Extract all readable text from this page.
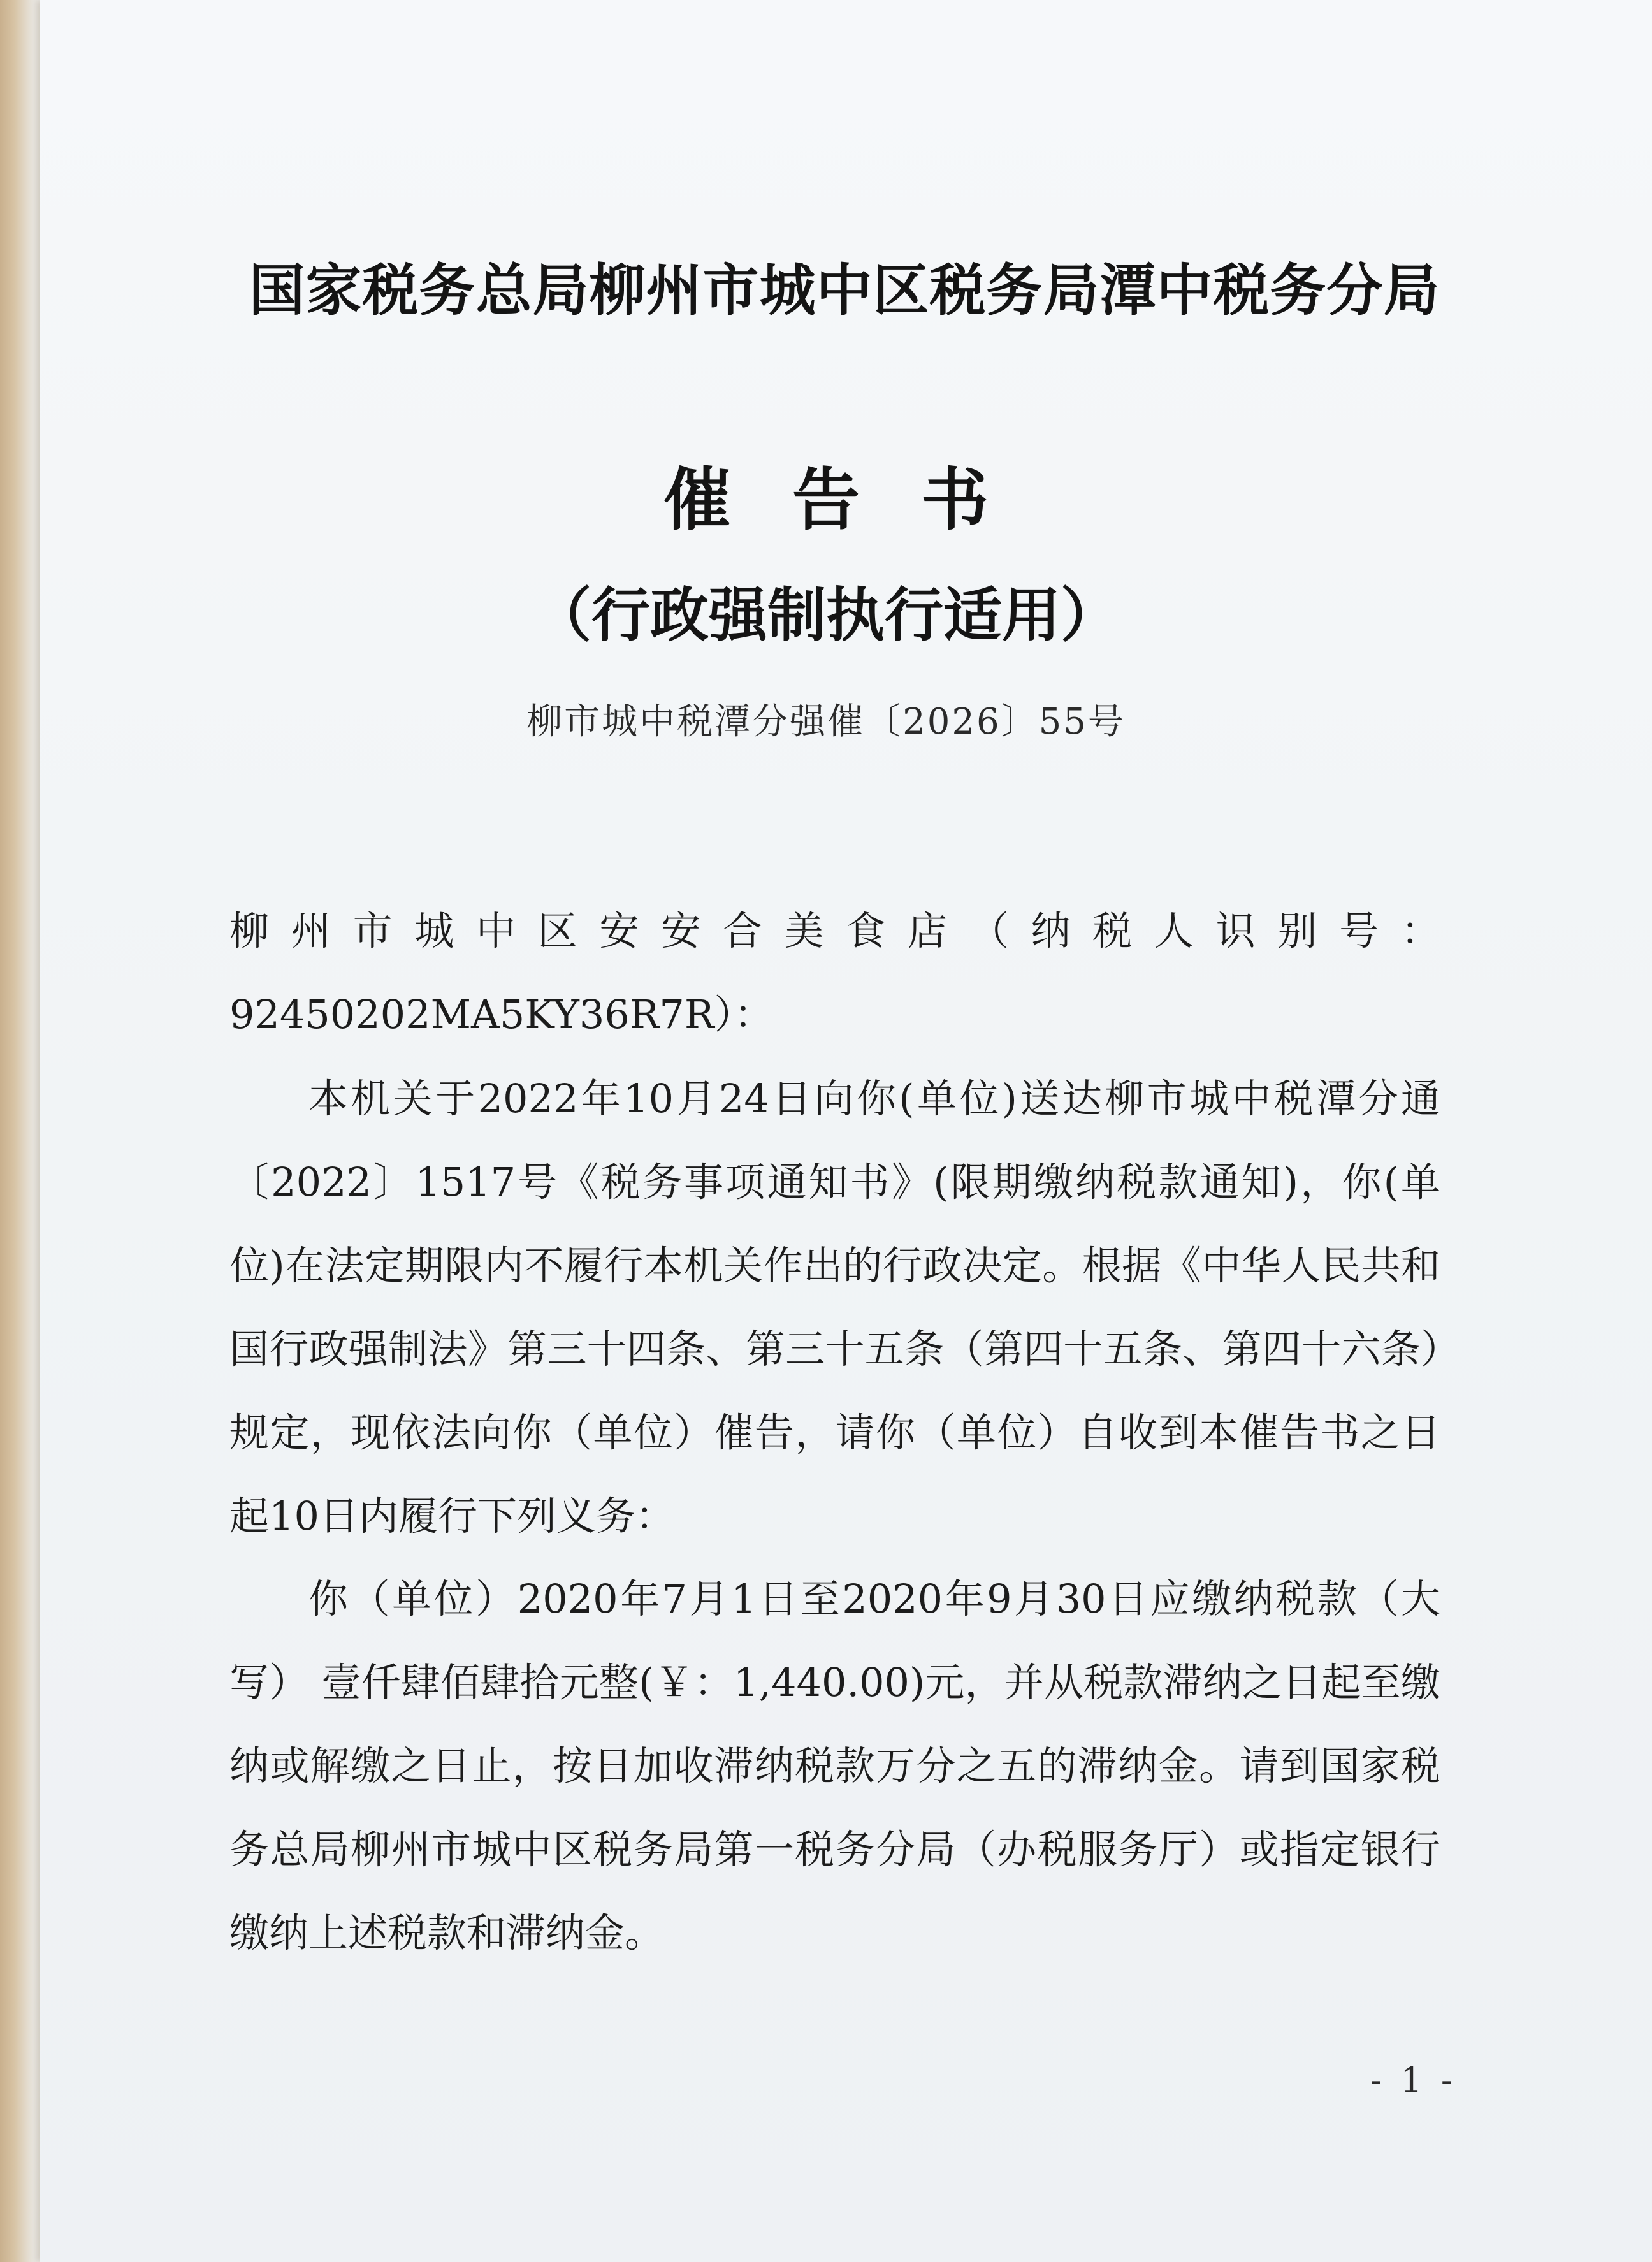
国家税务总局柳州市城中区税务局潭中税务分局
催告书
（行政强制执行适用）
柳市城中税潭分强催〔2026〕55号
柳州市城中区安安合美食店（纳税人识别号：92450202MA5KY36R7R）：
本机关于2022年10月24日向你(单位)送达柳市城中税潭分通〔2022〕1517号《税务事项通知书》(限期缴纳税款通知)，你(单位)在法定期限内不履行本机关作出的行政决定。根据《中华人民共和国行政强制法》第三十四条、第三十五条（第四十五条、第四十六条）规定，现依法向你（单位）催告，请你（单位）自收到本催告书之日起10日内履行下列义务：
你（单位）2020年7月1日至2020年9月30日应缴纳税款（大写） 壹仟肆佰肆拾元整(￥：1,440.00)元，并从税款滞纳之日起至缴纳或解缴之日止，按日加收滞纳税款万分之五的滞纳金。请到国家税务总局柳州市城中区税务局第一税务分局（办税服务厅）或指定银行缴纳上述税款和滞纳金。
- 1 -
